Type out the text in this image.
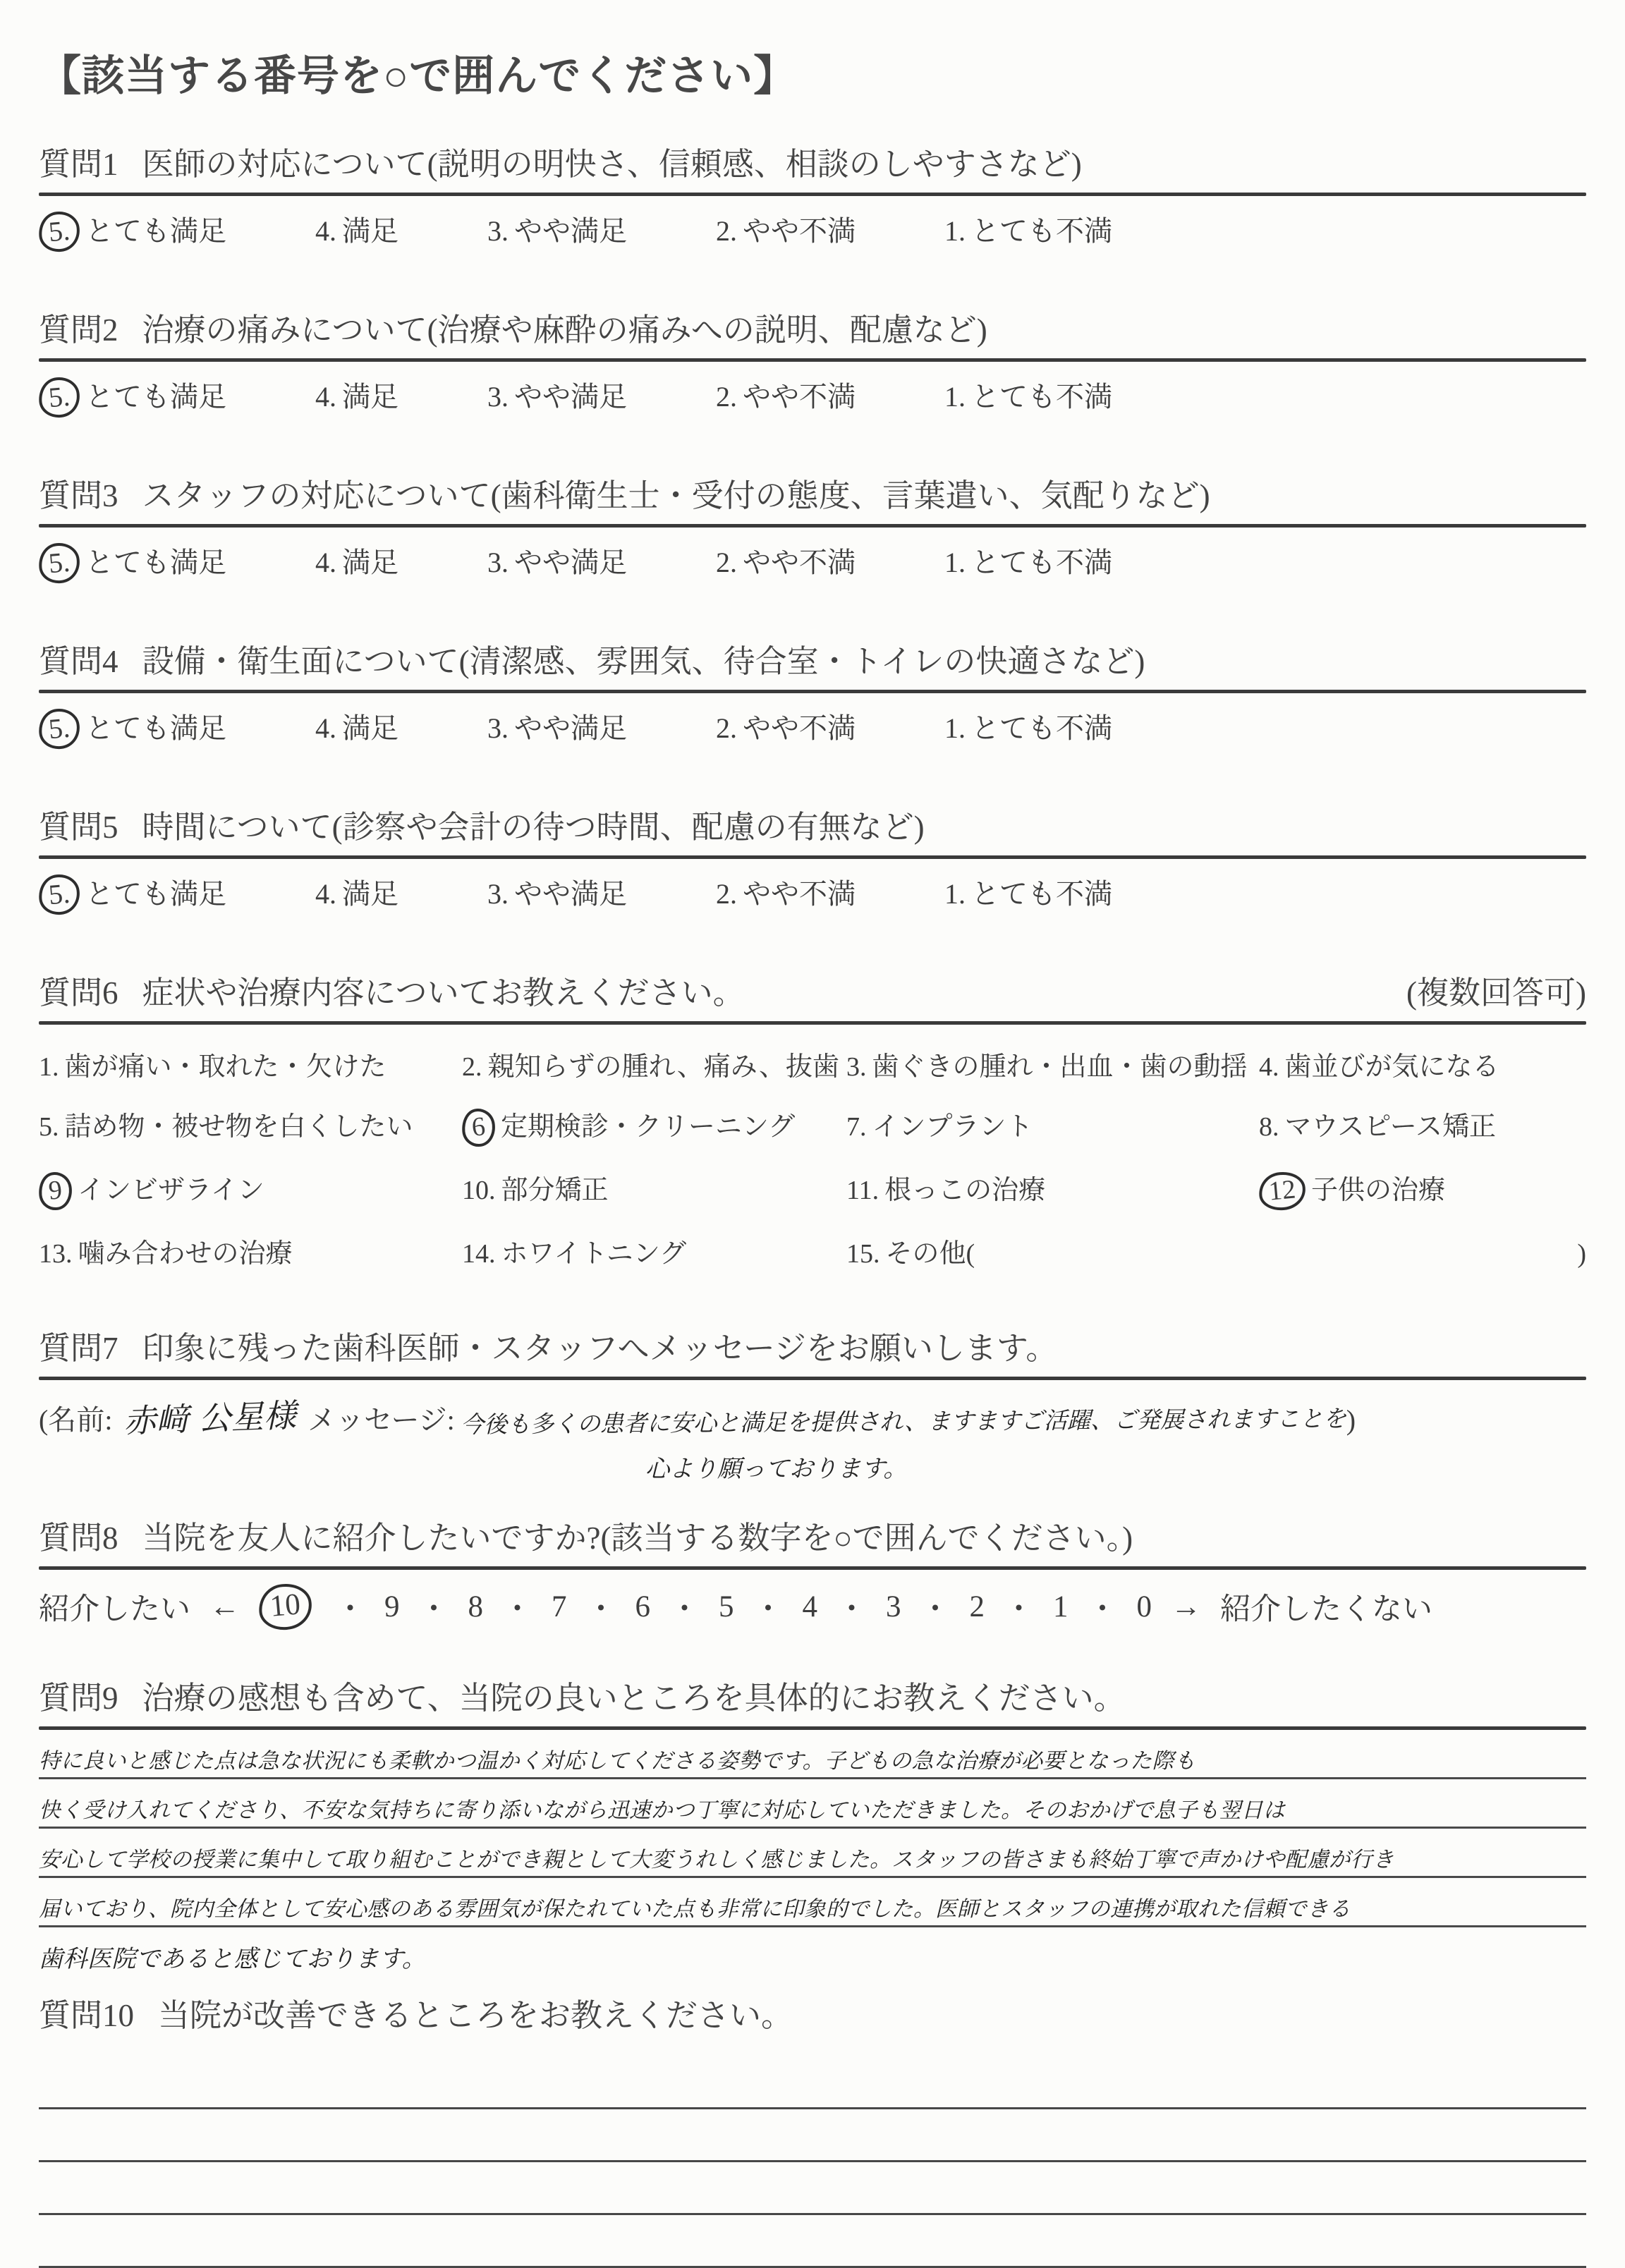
【該当する番号を○で囲んでください】
質問1 医師の対応について(説明の明快さ、信頼感、相談のしやすさなど)
5. とても満足	4. 満足	3. やや満足	2. やや不満	1. とても不満
質問2 治療の痛みについて(治療や麻酔の痛みへの説明、配慮など)
5. とても満足	4. 満足	3. やや満足	2. やや不満	1. とても不満
質問3 スタッフの対応について(歯科衛生士・受付の態度、言葉遣い、気配りなど)
5. とても満足	4. 満足	3. やや満足	2. やや不満	1. とても不満
質問4 設備・衛生面について(清潔感、雰囲気、待合室・トイレの快適さなど)
5. とても満足	4. 満足	3. やや満足	2. やや不満	1. とても不満
質問5 時間について(診察や会計の待つ時間、配慮の有無など)
5. とても満足	4. 満足	3. やや満足	2. やや不満	1. とても不満
質問6 症状や治療内容についてお教えください。	(複数回答可)
1. 歯が痛い・取れた・欠けた	2. 親知らずの腫れ、痛み、抜歯 3. 歯ぐきの腫れ・出血・歯の動揺 4. 歯並びが気になる
5. 詰め物・被せ物を白くしたい	6 定期検診・クリーニング	7. インプラント	8. マウスピース矯正
9 インビザライン	10. 部分矯正	11. 根っこの治療	12 子供の治療
13. 噛み合わせの治療	14. ホワイトニング	15. その他(	)
質問7 印象に残った歯科医師・スタッフへメッセージをお願いします。
(名前: 赤﨑 公星様 メッセージ: 今後も多くの患者に安心と満足を提供され、ますますご活躍、ご発展されますことを )
心より願っております。
質問8 当院を友人に紹介したいですか?(該当する数字を○で囲んでください。)
紹介したい ← 10	・ 9 ・ 8 ・ 7 ・ 6 ・ 5 ・ 4 ・ 3 ・ 2 ・ 1 ・ 0 → 紹介したくない
質問9 治療の感想も含めて、当院の良いところを具体的にお教えください。
特に良いと感じた点は急な状況にも柔軟かつ温かく対応してくださる姿勢です。子どもの急な治療が必要となった際も
快く受け入れてくださり、不安な気持ちに寄り添いながら迅速かつ丁寧に対応していただきました。そのおかげで息子も翌日は
安心して学校の授業に集中して取り組むことができ親として大変うれしく感じました。スタッフの皆さまも終始丁寧で声かけや配慮が行き
届いており、院内全体として安心感のある雰囲気が保たれていた点も非常に印象的でした。医師とスタッフの連携が取れた信頼できる
歯科医院であると感じております。
質問10 当院が改善できるところをお教えください。
